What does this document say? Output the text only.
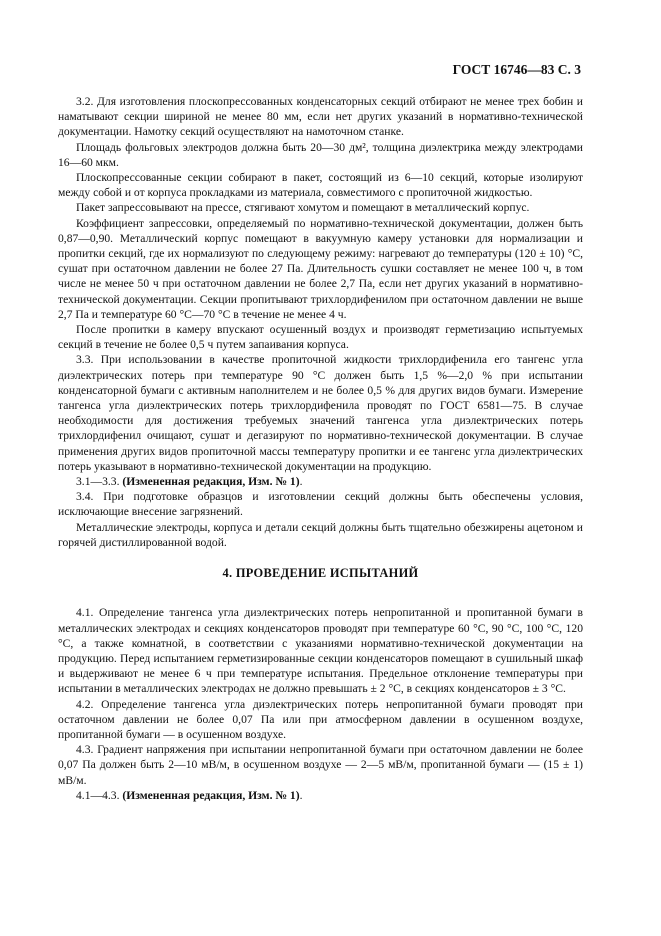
ГОСТ 16746—83 С. 3

3.2. Для изготовления плоскопрессованных конденсаторных секций отбирают не менее трех бобин и наматывают секции шириной не менее 80 мм, если нет других указаний в нормативно-технической документации. Намотку секций осуществляют на намоточном станке.

Площадь фольговых электродов должна быть 20—30 дм², толщина диэлектрика между электродами 16—60 мкм.

Плоскопрессованные секции собирают в пакет, состоящий из 6—10 секций, которые изолируют между собой и от корпуса прокладками из материала, совместимого с пропиточной жидкостью.

Пакет запрессовывают на прессе, стягивают хомутом и помещают в металлический корпус.

Коэффициент запрессовки, определяемый по нормативно-технической документации, должен быть 0,87—0,90. Металлический корпус помещают в вакуумную камеру установки для нормализации и пропитки секций, где их нормализуют по следующему режиму: нагревают до температуры (120 ± 10) °С, сушат при остаточном давлении не более 27 Па. Длительность сушки составляет не менее 100 ч, в том числе не менее 50 ч при остаточном давлении не более 2,7 Па, если нет других указаний в нормативно-технической документации. Секции пропитывают трихлордифенилом при остаточном давлении не выше 2,7 Па и температуре 60 °С—70 °С в течение не менее 4 ч.

После пропитки в камеру впускают осушенный воздух и производят герметизацию испытуемых секций в течение не более 0,5 ч путем запаивания корпуса.

3.3. При использовании в качестве пропиточной жидкости трихлордифенила его тангенс угла диэлектрических потерь при температуре 90 °С должен быть 1,5 %—2,0 % при испытании конденсаторной бумаги с активным наполнителем и не более 0,5 % для других видов бумаги. Измерение тангенса угла диэлектрических потерь трихлордифенила проводят по ГОСТ 6581—75. В случае необходимости для достижения требуемых значений тангенса угла диэлектрических потерь трихлордифенил очищают, сушат и дегазируют по нормативно-технической документации. В случае применения других видов пропиточной массы температуру пропитки и ее тангенс угла диэлектрических потерь указывают в нормативно-технической документации на продукцию.

3.1—3.3. (Измененная редакция, Изм. № 1).

3.4. При подготовке образцов и изготовлении секций должны быть обеспечены условия, исключающие внесение загрязнений.

Металлические электроды, корпуса и детали секций должны быть тщательно обезжирены ацетоном и горячей дистиллированной водой.

4. ПРОВЕДЕНИЕ ИСПЫТАНИЙ

4.1. Определение тангенса угла диэлектрических потерь непропитанной и пропитанной бумаги в металлических электродах и секциях конденсаторов проводят при температуре 60 °С, 90 °С, 100 °С, 120 °С, а также комнатной, в соответствии с указаниями нормативно-технической документации на продукцию. Перед испытанием герметизированные секции конденсаторов помещают в сушильный шкаф и выдерживают не менее 6 ч при температуре испытания. Предельное отклонение температуры при испытании в металлических электродах не должно превышать ± 2 °С, в секциях конденсаторов ± 3 °С.

4.2. Определение тангенса угла диэлектрических потерь непропитанной бумаги проводят при остаточном давлении не более 0,07 Па или при атмосферном давлении в осушенном воздухе, пропитанной бумаги — в осушенном воздухе.

4.3. Градиент напряжения при испытании непропитанной бумаги при остаточном давлении не более 0,07 Па должен быть 2—10 мВ/м, в осушенном воздухе — 2—5 мВ/м, пропитанной бумаги — (15 ± 1) мВ/м.

4.1—4.3. (Измененная редакция, Изм. № 1).
